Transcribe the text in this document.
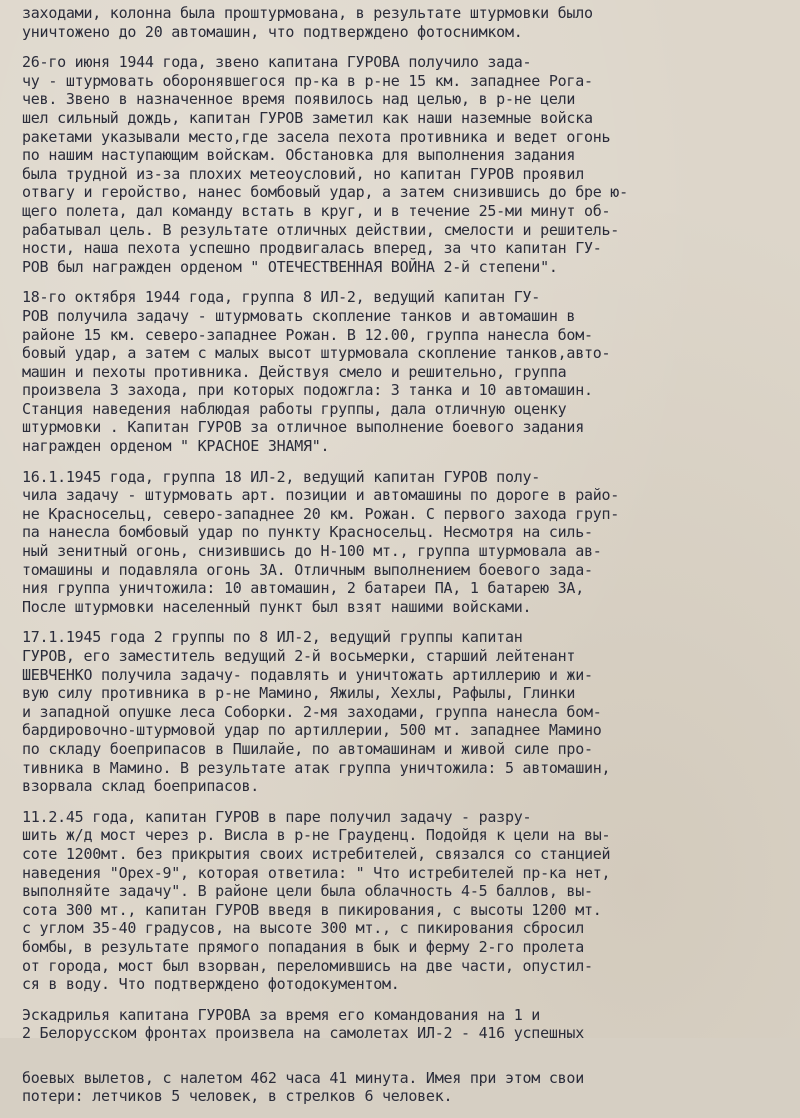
заходами, колонна была проштурмована, в результате штурмовки было
уничтожено до 20 автомашин, что подтверждено фотоснимком.
26-го июня 1944 года, звено капитана ГУРОВА получило зада-
чу - штурмовать оборонявшегося пр-ка в р-не 15 км. западнее Рога-
чев. Звено в назначенное время появилось над целью, в р-не цели
шел сильный дождь, капитан ГУРОВ заметил как наши наземные войска
ракетами указывали место,где засела пехота противника и ведет огонь
по нашим наступающим войскам. Обстановка для выполнения задания
была трудной из-за плохих метеоусловий, но капитан ГУРОВ проявил
отвагу и геройство, нанес бомбовый удар, а затем снизившись до бре ю-
щего полета, дал команду встать в круг, и в течение 25-ми минут об-
рабатывал цель. В результате отличных действии, смелости и решитель-
ности, наша пехота успешно продвигалась вперед, за что капитан ГУ-
РОВ был награжден орденом " ОТЕЧЕСТВЕННАЯ ВОЙНА 2-й степени".
18-го октября 1944 года, группа 8 ИЛ-2, ведущий капитан ГУ-
РОВ получила задачу - штурмовать скопление танков и автомашин в
районе 15 км. северо-западнее Рожан. В 12.00, группа нанесла бом-
бовый удар, а затем с малых высот штурмовала скопление танков,авто-
машин и пехоты противника. Действуя смело и решительно, группа
произвела 3 захода, при которых подожгла: 3 танка и 10 автомашин.
Станция наведения наблюдая работы группы, дала отличную оценку
штурмовки . Капитан ГУРОВ за отличное выполнение боевого задания
награжден орденом " КРАСНОЕ ЗНАМЯ".
16.1.1945 года, группа 18 ИЛ-2, ведущий капитан ГУРОВ полу-
чила задачу - штурмовать арт. позиции и автомашины по дороге в райо-
не Красносельц, северо-западнее 20 км. Рожан. С первого захода груп-
па нанесла бомбовый удар по пункту Красносельц. Несмотря на силь-
ный зенитный огонь, снизившись до Н-100 мт., группа штурмовала ав-
томашины и подавляла огонь ЗА. Отличным выполнением боевого зада-
ния группа уничтожила: 10 автомашин, 2 батареи ПА, 1 батарею ЗА,
После штурмовки населенный пункт был взят нашими войсками.
17.1.1945 года 2 группы по 8 ИЛ-2, ведущий группы капитан
ГУРОВ, его заместитель ведущий 2-й восьмерки, старший лейтенант
ШЕВЧЕНКО получила задачу- подавлять и уничтожать артиллерию и жи-
вую силу противника в р-не Мамино, Яжилы, Хехлы, Рафылы, Глинки
и западной опушке леса Соборки. 2-мя заходами, группа нанесла бом-
бардировочно-штурмовой удар по артиллерии, 500 мт. западнее Мамино
по складу боеприпасов в Пшилайе, по автомашинам и живой силе про-
тивника в Мамино. В результате атак группа уничтожила: 5 автомашин,
взорвала склад боеприпасов.
11.2.45 года, капитан ГУРОВ в паре получил задачу - разру-
шить ж/д мост через р. Висла в р-не Грауденц. Подойдя к цели на вы-
соте 1200мт. без прикрытия своих истребителей, связался со станцией
наведения "Орех-9", которая ответила: " Что истребителей пр-ка нет,
выполняйте задачу". В районе цели была облачность 4-5 баллов, вы-
сота 300 мт., капитан ГУРОВ введя в пикирования, с высоты 1200 мт.
с углом 35-40 градусов, на высоте 300 мт., с пикирования сбросил
бомбы, в результате прямого попадания в бык и ферму 2-го пролета
от города, мост был взорван, переломившись на две части, опустил-
ся в воду. Что подтверждено фотодокументом.
Эскадрилья капитана ГУРОВА за время его командования на 1 и
2 Белорусском фронтах произвела на самолетах ИЛ-2 - 416 успешных
боевых вылетов, с налетом 462 часа 41 минута. Имея при этом свои
потери: летчиков 5 человек, в стрелков 6 человек.
